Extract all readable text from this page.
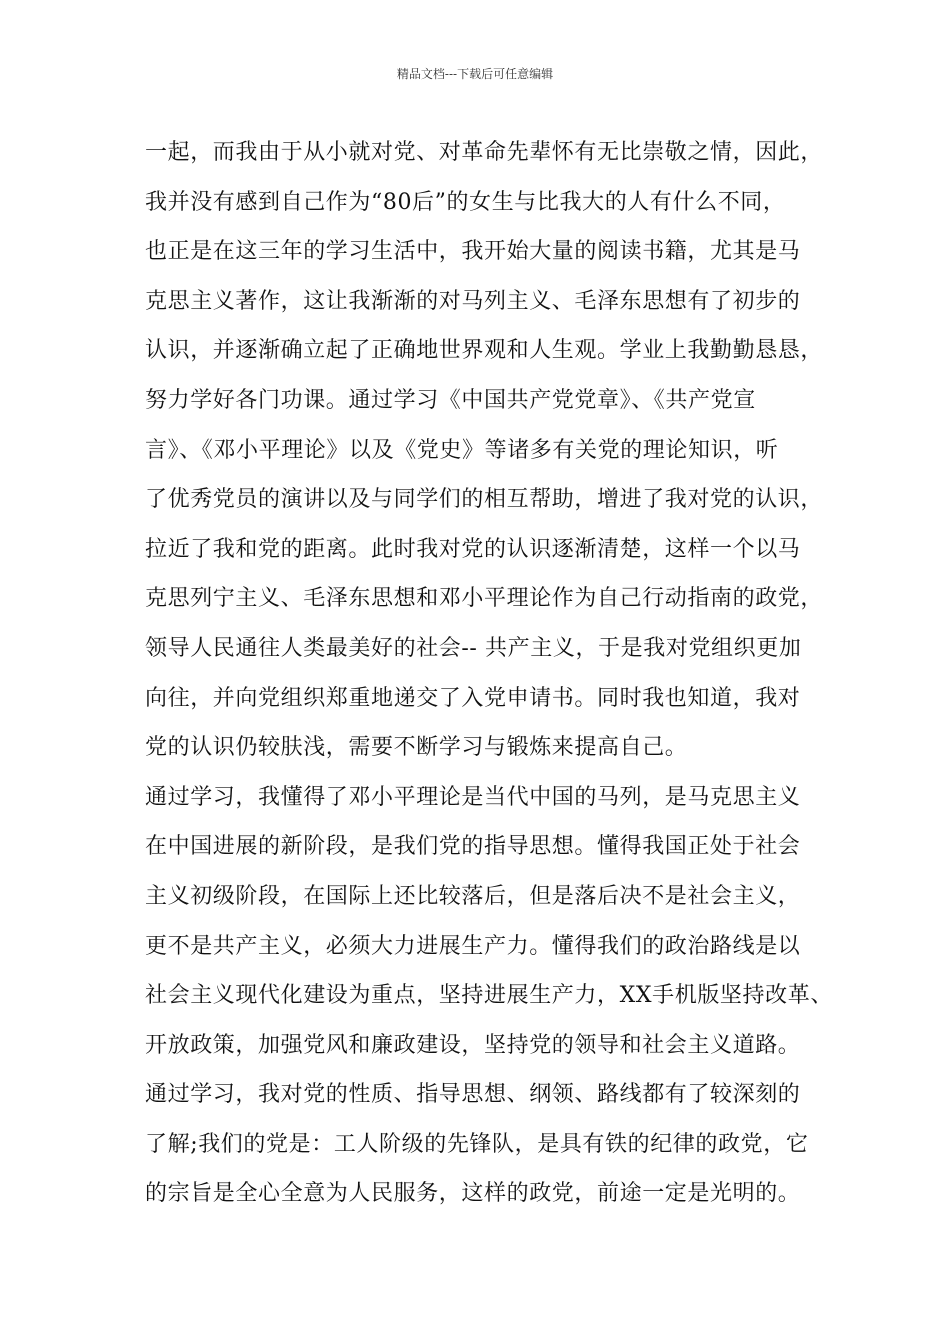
精品文档---下载后可任意编辑
一起，而我由于从小就对党、对革命先辈怀有无比崇敬之情，因此，
我并没有感到自己作为“80后”的女生与比我大的人有什么不同，
也正是在这三年的学习生活中，我开始大量的阅读书籍，尤其是马
克思主义著作，这让我渐渐的对马列主义、毛泽东思想有了初步的
认识，并逐渐确立起了正确地世界观和人生观。学业上我勤勤恳恳，
努力学好各门功课。通过学习《中国共产党党章》、《共产党宣
言》、《邓小平理论》以及《党史》等诸多有关党的理论知识，听
了优秀党员的演讲以及与同学们的相互帮助，增进了我对党的认识，
拉近了我和党的距离。此时我对党的认识逐渐清楚，这样一个以马
克思列宁主义、毛泽东思想和邓小平理论作为自己行动指南的政党，
领导人民通往人类最美好的社会-- 共产主义，于是我对党组织更加
向往，并向党组织郑重地递交了入党申请书。同时我也知道，我对
党的认识仍较肤浅，需要不断学习与锻炼来提高自己。
通过学习，我懂得了邓小平理论是当代中国的马列，是马克思主义
在中国进展的新阶段，是我们党的指导思想。懂得我国正处于社会
主义初级阶段，在国际上还比较落后，但是落后决不是社会主义，
更不是共产主义，必须大力进展生产力。懂得我们的政治路线是以
社会主义现代化建设为重点，坚持进展生产力，XX手机版坚持改革、
开放政策，加强党风和廉政建设，坚持党的领导和社会主义道路。
通过学习，我对党的性质、指导思想、纲领、路线都有了较深刻的
了解;我们的党是：工人阶级的先锋队，是具有铁的纪律的政党，它
的宗旨是全心全意为人民服务，这样的政党，前途一定是光明的。
